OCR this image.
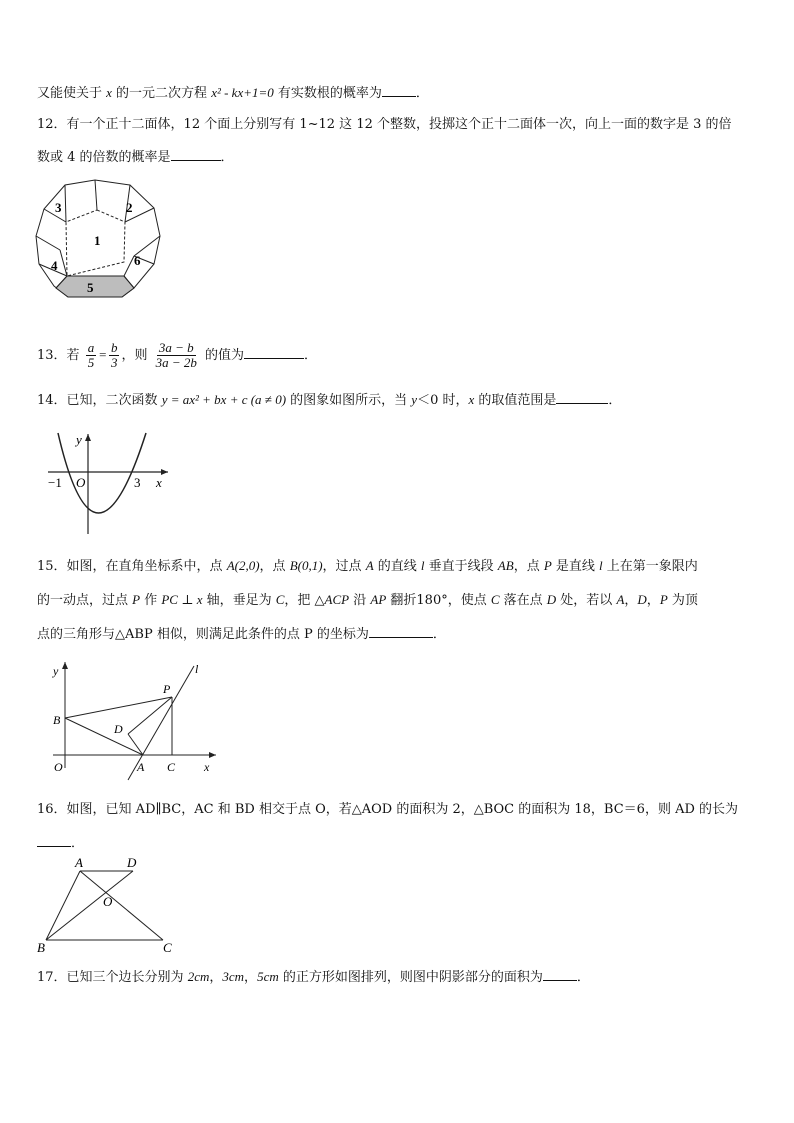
又能使关于 x 的一元二次方程 x² - kx+1=0 有实数根的概率为	．
12．有一个正十二面体，12 个面上分别写有 1~12 这 12 个整数，投掷这个正十二面体一次，向上一面的数字是 3 的倍
数或 4 的倍数的概率是	．
3	2
1
4	6
5
13．若 $\frac{a}{5} = \frac{b}{3}$ ，则 $\frac{3a - b}{3a - 2b}$ 的值为	．
14．已知，二次函数 y = ax² + bx + c (a ≠ 0) 的图象如图所示，当 y＜0 时，x 的取值范围是	．
y
x
O
−1	3
15．如图，在直角坐标系中，点 A(2,0)，点 B(0,1)，过点 A 的直线 l 垂直于线段 AB，点 P 是直线 l 上在第一象限内
的一动点，过点 P 作 PC ⊥ x 轴，垂足为 C，把 △ACP 沿 AP 翻折180°，使点 C 落在点 D 处，若以 A，D，P 为顶
点的三角形与△ABP 相似，则满足此条件的点 P 的坐标为	．
y	l
P
B
D
O	A C x
16．如图，已知 AD∥BC，AC 和 BD 相交于点 O，若△AOD 的面积为 2，△BOC 的面积为 18，BC＝6，则 AD 的长为
．
A	D
O
B	C
17．已知三个边长分别为 2cm，3cm，5cm 的正方形如图排列，则图中阴影部分的面积为	．
